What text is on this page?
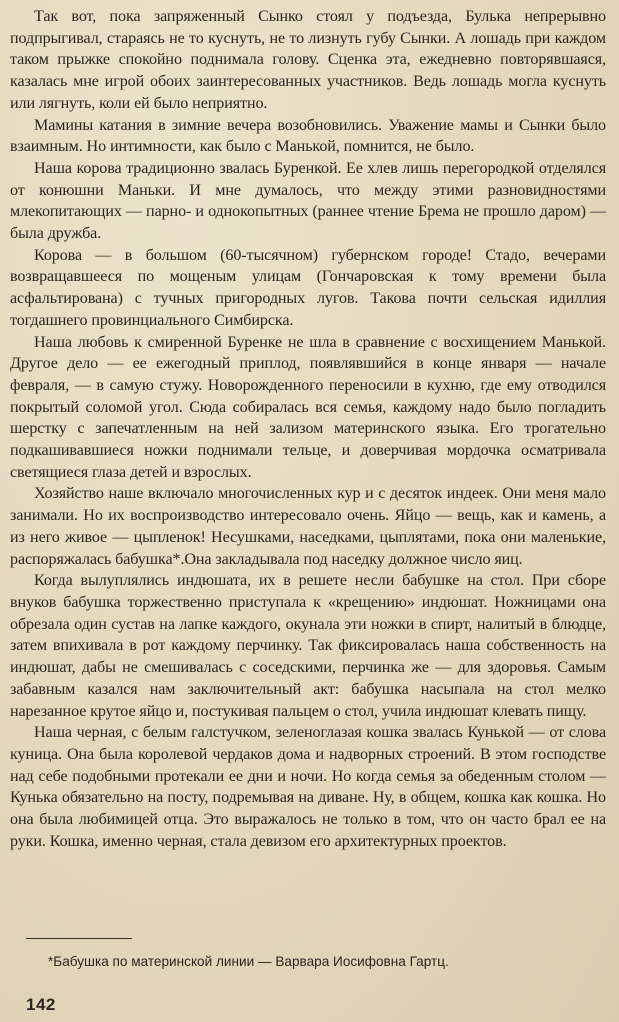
Так вот, пока запряженный Сынко стоял у подъезда, Булька непрерывно подпрыгивал, стараясь не то куснуть, не то лизнуть губу Сынки. А лошадь при каждом таком прыжке спокойно поднимала голову. Сценка эта, ежедневно повторявшаяся, казалась мне игрой обоих заинтересованных участников. Ведь лошадь могла куснуть или лягнуть, коли ей было неприятно.

Мамины катания в зимние вечера возобновились. Уважение мамы и Сынки было взаимным. Но интимности, как было с Манькой, помнится, не было.

Наша корова традиционно звалась Буренкой. Ее хлев лишь перегородкой отделялся от конюшни Маньки. И мне думалось, что между этими разновидностями млекопитающих — парно- и однокопытных (раннее чтение Брема не прошло даром) — была дружба.

Корова — в большом (60-тысячном) губернском городе! Стадо, вечерами возвращавшееся по мощеным улицам (Гончаровская к тому времени была асфальтирована) с тучных пригородных лугов. Такова почти сельская идиллия тогдашнего провинциального Симбирска.

Наша любовь к смиренной Буренке не шла в сравнение с восхищением Манькой. Другое дело — ее ежегодный приплод, появлявшийся в конце января — начале февраля, — в самую стужу. Новорожденного переносили в кухню, где ему отводился покрытый соломой угол. Сюда собиралась вся семья, каждому надо было погладить шерстку с запечатленным на ней зализом материнского языка. Его трогательно подкашивавшиеся ножки поднимали тельце, и доверчивая мордочка осматривала светящиеся глаза детей и взрослых.

Хозяйство наше включало многочисленных кур и с десяток индеек. Они меня мало занимали. Но их воспроизводство интересовало очень. Яйцо — вещь, как и камень, а из него живое — цыпленок! Несушками, наседками, цыплятами, пока они маленькие, распоряжалась бабушка*.Она закладывала под наседку должное число яиц.

Когда вылуплялись индюшата, их в решете несли бабушке на стол. При сборе внуков бабушка торжественно приступала к «крещению» индюшат. Ножницами она обрезала один сустав на лапке каждого, окунала эти ножки в спирт, налитый в блюдце, затем впихивала в рот каждому перчинку. Так фиксировалась наша собственность на индюшат, дабы не смешивалась с соседскими, перчинка же — для здоровья. Самым забавным казался нам заключительный акт: бабушка насыпала на стол мелко нарезанное крутое яйцо и, постукивая пальцем о стол, учила индюшат клевать пищу.

Наша черная, с белым галстучком, зеленоглазая кошка звалась Кунькой — от слова куница. Она была королевой чердаков дома и надворных строений. В этом господстве над себе подобными протекали ее дни и ночи. Но когда семья за обеденным столом — Кунька обязательно на посту, подремывая на диване. Ну, в общем, кошка как кошка. Но она была любимицей отца. Это выражалось не только в том, что он часто брал ее на руки. Кошка, именно черная, стала девизом его архитектурных проектов.

*Бабушка по материнской линии — Варвара Иосифовна Гартц.
142
